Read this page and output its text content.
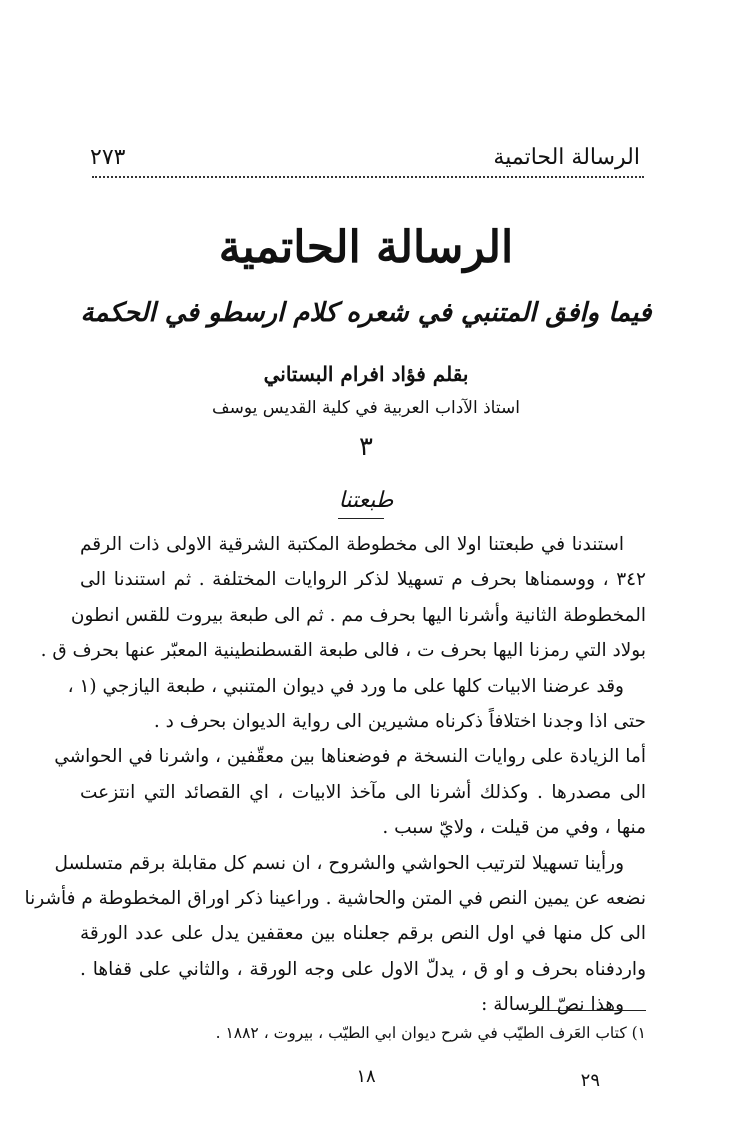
الرسالة الحاتمية
٢٧٣
الرسالة الحاتمية
فيما وافق المتنبي في شعره كلام ارسطو في الحكمة
بقلم فؤاد افرام البستاني
استاذ الآداب العربية في كلية القديس يوسف
٣
طبعتنا
استندنا في طبعتنا اولا الى مخطوطة المكتبة الشرقية الاولى ذات الرقم
٣٤٢ ، ووسمناها بحرف م تسهيلا لذكر الروايات المختلفة . ثم استندنا الى
المخطوطة الثانية وأشرنا اليها بحرف مم . ثم الى طبعة بيروت للقس انطون
بولاد التي رمزنا اليها بحرف ت ، فالى طبعة القسطنطينية المعبّر عنها بحرف ق .
وقد عرضنا الابيات كلها على ما ورد في ديوان المتنبي ، طبعة اليازجي (١ ،
حتى اذا وجدنا اختلافاً ذكرناه مشيرين الى رواية الديوان بحرف د .
أما الزيادة على روايات النسخة م فوضعناها بين معقّفين ، واشرنا في الحواشي
الى مصدرها . وكذلك أشرنا الى مآخذ الابيات ، اي القصائد التي انتزعت
منها ، وفي من قيلت ، ولايّ سبب .
ورأينا تسهيلا لترتيب الحواشي والشروح ، ان نسم كل مقابلة برقم متسلسل
نضعه عن يمين النص في المتن والحاشية . وراعينا ذكر اوراق المخطوطة م فأشرنا
الى كل منها في اول النص برقم جعلناه بين معقفين يدل على عدد الورقة
واردفناه بحرف و او ق ، يدلّ الاول على وجه الورقة ، والثاني على قفاها .
وهذا نصّ الرسالة :
١) كتاب العَرف الطيّب في شرح ديوان ابي الطيّب ، بيروت ، ١٨٨٢ .
٢٩
١٨
